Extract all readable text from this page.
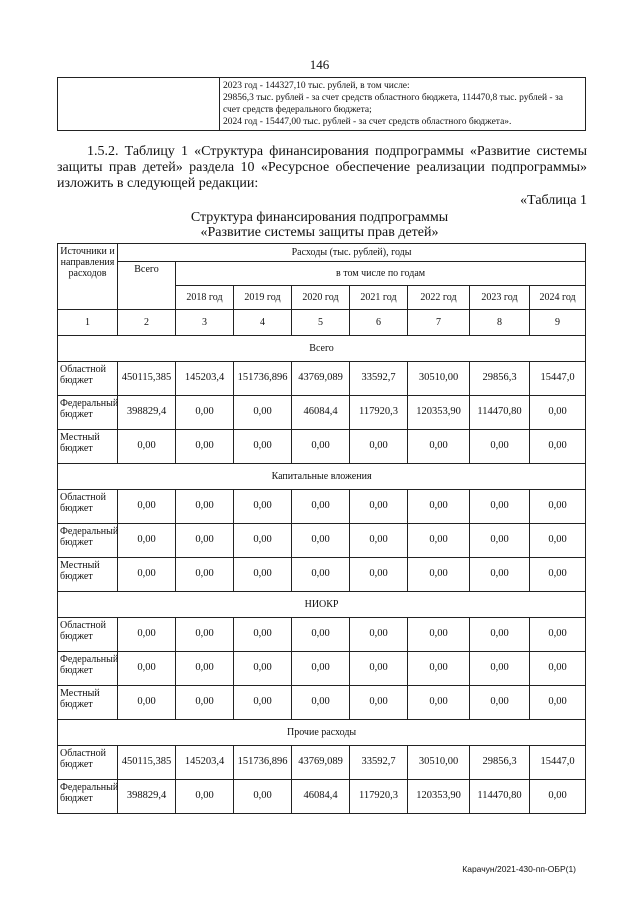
146

2023 год - 144327,10 тыс. рублей, в том числе:
29856,3 тыс. рублей - за счет средств областного бюджета, 114470,8 тыс. рублей - за счет средств федерального бюджета;
2024 год - 15447,00 тыс. рублей - за счет средств областного бюджета».
1.5.2. Таблицу 1 «Структура финансирования подпрограммы «Развитие системы защиты прав детей» раздела 10 «Ресурсное обеспечение реализации подпрограммы» изложить в следующей редакции:
«Таблица 1
Структура финансирования подпрограммы
«Развитие системы защиты прав детей»
Источники и направления расходов	Расходы (тыс. рублей), годы							
	Всего	в том числе по годам						
		2018 год	2019 год	2020 год	2021 год	2022 год	2023 год	2024 год
1	2	3	4	5	6	7	8	9
Всего								
Областной бюджет	450115,385	145203,4	151736,896	43769,089	33592,7	30510,00	29856,3	15447,0
Федеральный бюджет	398829,4	0,00	0,00	46084,4	117920,3	120353,90	114470,80	0,00
Местный бюджет	0,00	0,00	0,00	0,00	0,00	0,00	0,00	0,00
Капитальные вложения								
Областной бюджет	0,00	0,00	0,00	0,00	0,00	0,00	0,00	0,00
Федеральный бюджет	0,00	0,00	0,00	0,00	0,00	0,00	0,00	0,00
Местный бюджет	0,00	0,00	0,00	0,00	0,00	0,00	0,00	0,00
НИОКР								
Областной бюджет	0,00	0,00	0,00	0,00	0,00	0,00	0,00	0,00
Федеральный бюджет	0,00	0,00	0,00	0,00	0,00	0,00	0,00	0,00
Местный бюджет	0,00	0,00	0,00	0,00	0,00	0,00	0,00	0,00
Прочие расходы								
Областной бюджет	450115,385	145203,4	151736,896	43769,089	33592,7	30510,00	29856,3	15447,0
Федеральный бюджет	398829,4	0,00	0,00	46084,4	117920,3	120353,90	114470,80	0,00
Карачун/2021-430-пп-ОБР(1)
